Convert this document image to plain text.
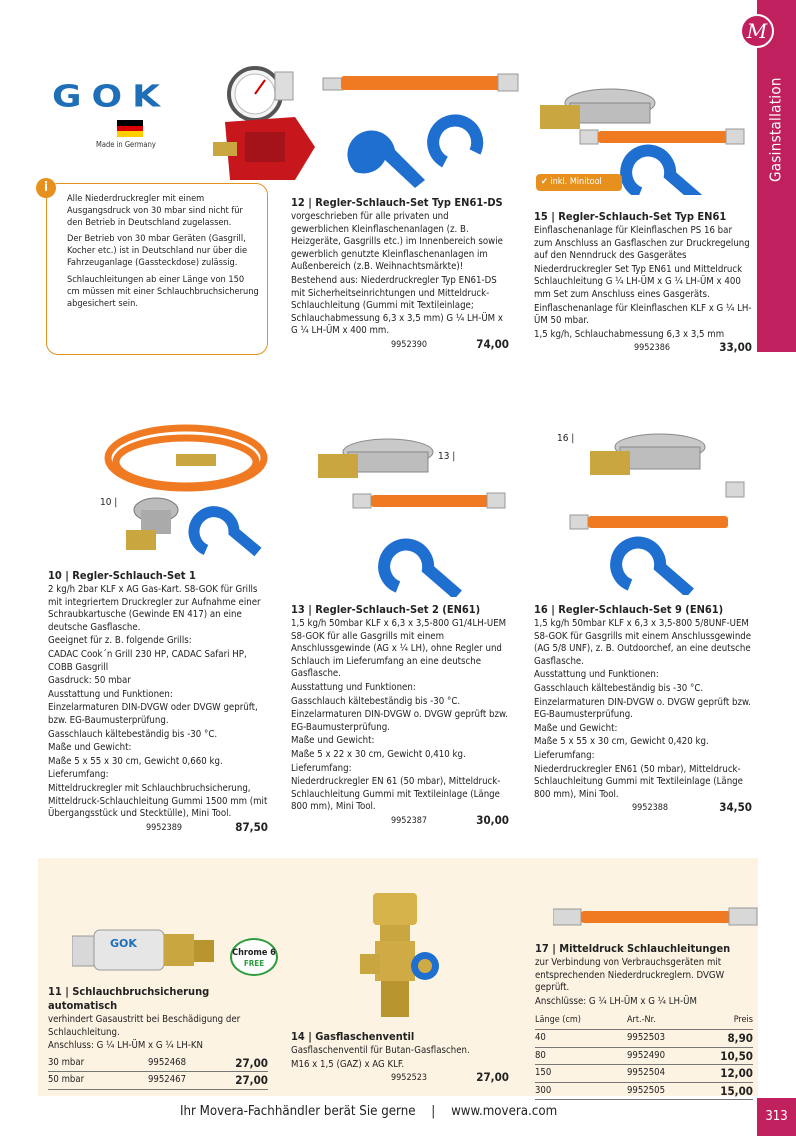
Gasinstallation
M
GOK
Made in Germany
i

Alle Niederdruckregler mit einem Ausgangsdruck von 30 mbar sind nicht für den Betrieb in Deutschland zugelassen.

Der Betrieb von 30 mbar Geräten (Gasgrill, Kocher etc.) ist in Deutschland nur über die Fahrzeuganlage (Gassteckdose) zulässig.

Schlauchleitungen ab einer Länge von 150 cm müssen mit einer Schlauchbruchsicherung abgesichert sein.

✔ inkl. Minitool
12 | Regler-Schlauch-Set Typ EN61-DS

vorgeschrieben für alle privaten und gewerblichen Kleinflaschenanlagen (z. B. Heizgeräte, Gasgrills etc.) im Innenbereich sowie gewerblich genutzte Kleinflaschenanlagen im Außenbereich (z.B. Weihnachtsmärkte)!

Bestehend aus: Niederdruckregler Typ EN61-DS mit Sicherheitseinrichtungen und Mitteldruck-Schlauchleitung (Gummi mit Textileinlage; Schlauchabmessung 6,3 x 3,5 mm) G ¼ LH-ÜM x G ¼ LH-ÜM x 400 mm.

9952390	74,00
15 | Regler-Schlauch-Set Typ EN61

Einflaschenanlage für Kleinflaschen PS 16 bar zum Anschluss an Gasflaschen zur Druckregelung auf den Nenndruck des Gasgerätes

Niederdruckregler Set Typ EN61 und Mitteldruck Schlauchleitung G ¼ LH-ÜM x G ¼ LH-ÜM x 400 mm Set zum Anschluss eines Gasgeräts.

Einflaschenanlage für Kleinflaschen KLF x G ¼ LH-ÜM 50 mbar.

1,5 kg/h, Schlauchabmessung 6,3 x 3,5 mm

9952386	33,00
10 |
13 |
16 |
10 | Regler-Schlauch-Set 1

2 kg/h 2bar KLF x AG Gas-Kart. S8-GOK für Grills mit integriertem Druckregler zur Aufnahme einer Schraubkartusche (Gewinde EN 417) an eine deutsche Gasflasche.

Geeignet für z. B. folgende Grills:

CADAC Cook´n Grill 230 HP, CADAC Safari HP, COBB Gasgrill

Gasdruck: 50 mbar

Ausstattung und Funktionen:

Einzelarmaturen DIN-DVGW oder DVGW geprüft, bzw. EG-Baumusterprüfung.

Gasschlauch kältebeständig bis -30 °C.

Maße und Gewicht:

Maße 5 x 55 x 30 cm, Gewicht 0,660 kg.

Lieferumfang:

Mitteldruckregler mit Schlauchbruchsicherung, Mitteldruck-Schlauchleitung Gummi 1500 mm (mit Übergangsstück und Stecktülle), Mini Tool.

9952389	87,50
13 | Regler-Schlauch-Set 2 (EN61)

1,5 kg/h 50mbar KLF x 6,3 x 3,5-800 G1/4LH-UEM S8-GOK für alle Gasgrills mit einem Anschlussgewinde (AG x ¼ LH), ohne Regler und Schlauch im Lieferumfang an eine deutsche Gasflasche.

Ausstattung und Funktionen:

Gasschlauch kältebeständig bis -30 °C.

Einzelarmaturen DIN-DVGW o. DVGW geprüft bzw. EG-Baumusterprüfung.

Maße und Gewicht:

Maße 5 x 22 x 30 cm, Gewicht 0,410 kg.

Lieferumfang:

Niederdruckregler EN 61 (50 mbar), Mitteldruck-Schlauchleitung Gummi mit Textileinlage (Länge 800 mm), Mini Tool.

9952387	30,00
16 | Regler-Schlauch-Set 9 (EN61)

1,5 kg/h 50mbar KLF x 6,3 x 3,5-800 5/8UNF-UEM S8-GOK für Gasgrills mit einem Anschlussgewinde (AG 5/8 UNF), z. B. Outdoorchef, an eine deutsche Gasflasche.

Ausstattung und Funktionen:

Gasschlauch kältebeständig bis -30 °C.

Einzelarmaturen DIN-DVGW o. DVGW geprüft bzw. EG-Baumusterprüfung.

Maße und Gewicht:

Maße 5 x 55 x 30 cm, Gewicht 0,420 kg.

Lieferumfang:

Niederdruckregler EN61 (50 mbar), Mitteldruck-Schlauchleitung Gummi mit Textileinlage (Länge 800 mm), Mini Tool.

9952388	34,50
GOK
Chrome 6
FREE
11 | Schlauchbruchsicherung automatisch

verhindert Gasaustritt bei Beschädigung der Schlauchleitung.

Anschluss: G ¼ LH-ÜM x G ¼ LH-KN

30 mbar	9952468	27,00
50 mbar	9952467	27,00
14 | Gasflaschenventil

Gasflaschenventil für Butan-Gasflaschen.

M16 x 1,5 (GAZ) x AG KLF.

9952523	27,00
17 | Mitteldruck Schlauchleitungen

zur Verbindung von Verbrauchsgeräten mit entsprechenden Niederdruckreglern. DVGW geprüft.

Anschlüsse: G ¼ LH-ÜM x G ¼ LH-ÜM

Länge (cm)	Art.-Nr.	Preis
40	9952503	8,90
80	9952490	10,50
150	9952504	12,00
300	9952505	15,00
Ihr Movera-Fachhändler berät Sie gerne | www.movera.com	313
